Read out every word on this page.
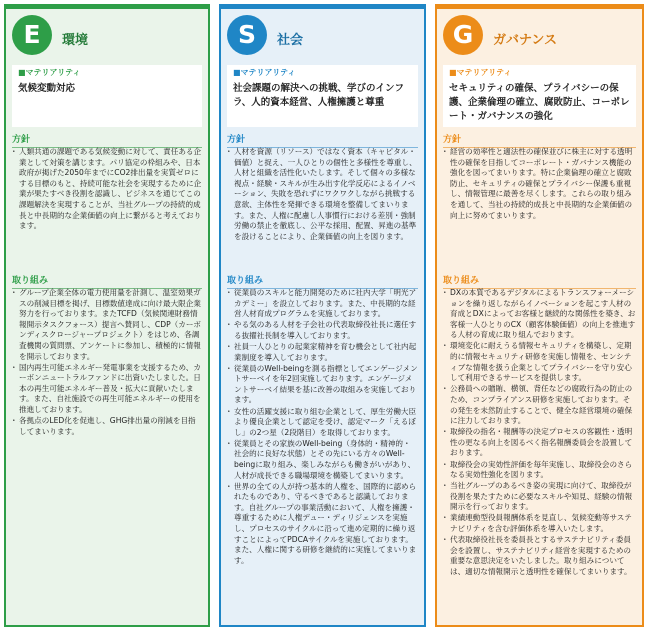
E	環境
■マテリアリティ
気候変動対応
方針
・ 人類共通の課題である気候変動に対して、責任ある企業として対策を講じます。パリ協定の枠組みや、日本政府が掲げた2050年までにCO2排出量を実質ゼロにする目標のもと、持続可能な社会を実現するために企業が果たすべき役割を認識し、ビジネスを通じてこの課題解決を実現することが、当社グループの持続的成長と中長期的な企業価値の向上に繋がると考えております。
取り組み
・ グループ企業全体の電力使用量を計測し、温室効果ガスの削減目標を掲げ、目標数値達成に向け最大限企業努力を行っております。またTCFD（気候関連財務情報開示タスクフォース）提言へ賛同し、CDP（カーボンディスクロージャープロジェクト）をはじめ、各調査機関の質問票、アンケートに参加し、積極的に情報を開示しております。
・ 国内再生可能エネルギー発電事業を支援するため、カーボンニュートラルファンドに出資いたしました。日本の再生可能エネルギー普及・拡大に貢献いたします。また、自社施設での再生可能エネルギーの使用を推進しております。
・ 各拠点のLED化を促進し、GHG排出量の削減を目指してまいります。
S	社会
■マテリアリティ
社会課題の解決への挑戦、学びのインフラ、人的資本経営、人権擁護と尊重
方針
・ 人材を資源（リソース）ではなく資本（キャピタル・価値）と捉え、一人ひとりの個性と多様性を尊重し、人材と組織を活性化いたします。そして個々の多様な視点・経験・スキルが生み出す化学反応によるイノベーション、失敗を恐れずにワクワクしながら挑戦する意欲、主体性を発揮できる環境を整備してまいります。また、人権に配慮し人事慣行における差別・強制労働の禁止を徹底し、公平な採用、配置、昇進の基準を設けることにより、企業価値の向上を図ります。
取り組み
・ 従業員のスキルと能力開発のために社内大学「明光アカデミー」を設立しております。また、中長期的な経営人材育成プログラムを実施しております。
・ やる気のある人材を子会社の代表取締役社長に選任する抜擢社長制を導入しております。
・ 社員一人ひとりの起業家精神を育む機会として社内起業制度を導入しております。
・ 従業員のWell-beingを測る指標としてエンゲージメントサーベイを年2回実施しております。エンゲージメントサーベイ結果を基に改善の取組みを実施しております。
・ 女性の活躍支援に取り組む企業として、厚生労働大臣より優良企業として認定を受け、認定マーク「えるぼし」の2つ星（2段階目）を取得しております。
・ 従業員とその家族のWell-being（身体的・精神的・社会的に良好な状態）とその先にいる方々のWell-beingに取り組み、楽しみながらも働きがいがあり、人材が成長できる職場環境を構築してまいります。
・ 世界の全ての人が持つ基本的人権を、国際的に認められたものであり、守るべきであると認識しております。自社グループの事業活動において、人権を擁護・尊重するために人権デュー・ディリジェンスを実施し、プロセスのサイクルに沿って進め定期的に繰り返すことによってPDCAサイクルを実施しております。また、人権に関する研修を継続的に実施してまいります。
G	ガバナンス
■マテリアリティ
セキュリティの確保、プライバシーの保護、企業倫理の確立、腐敗防止、コーポレート・ガバナンスの強化
方針
・ 経営の効率性と適法性の確保並びに株主に対する透明性の確保を目指してコーポレート・ガバナンス機能の強化を図ってまいります。特に企業倫理の確立と腐敗防止、セキュリティの確保とプライバシー保護も重視し、情報管理に最善を尽くします。これらの取り組みを通して、当社の持続的成長と中長期的な企業価値の向上に努めてまいります。
取り組み
・ DXの本質であるデジタルによるトランスフォーメーションを繰り返しながらイノベーションを起こす人材の育成とDXによってお客様と継続的な関係性を築き、お客様一人ひとりのCX（顧客体験価値）の向上を推進する人材の育成に取り組んでおります。
・ 環境変化に耐えうる情報セキュリティを構築し、定期的に情報セキュリティ研修を実施し情報を、センシティブな情報を扱う企業としてプライバシーを守り安心して利用できるサービスを提供します。
・ 公務員への贈賄、横領、背任などの腐敗行為の防止のため、コンプライアンス研修を実施しております。その発生を未然防止することで、健全な経営環境の確保に注力しております。
・ 取締役の指名・報酬等の決定プロセスの客観性・透明性の更なる向上を図るべく指名報酬委員会を設置しております。
・ 取締役会の実効性評価を毎年実施し、取締役会のさらなる実効性強化を図ります。
・ 当社グループのあるべき姿の実現に向けて、取締役が役割を果たすために必要なスキルや知見、経験の情報開示を行っております。
・ 業績連動型役員報酬体系を見直し、気候変動等サステナビリティを含む評価体系を導入いたします。
・ 代表取締役社長を委員長とするサステナビリティ委員会を設置し、サステナビリティ経営を実現するための重要な意思決定をいたしました。取り組みについては、適切な情報開示と透明性を確保してまいります。
